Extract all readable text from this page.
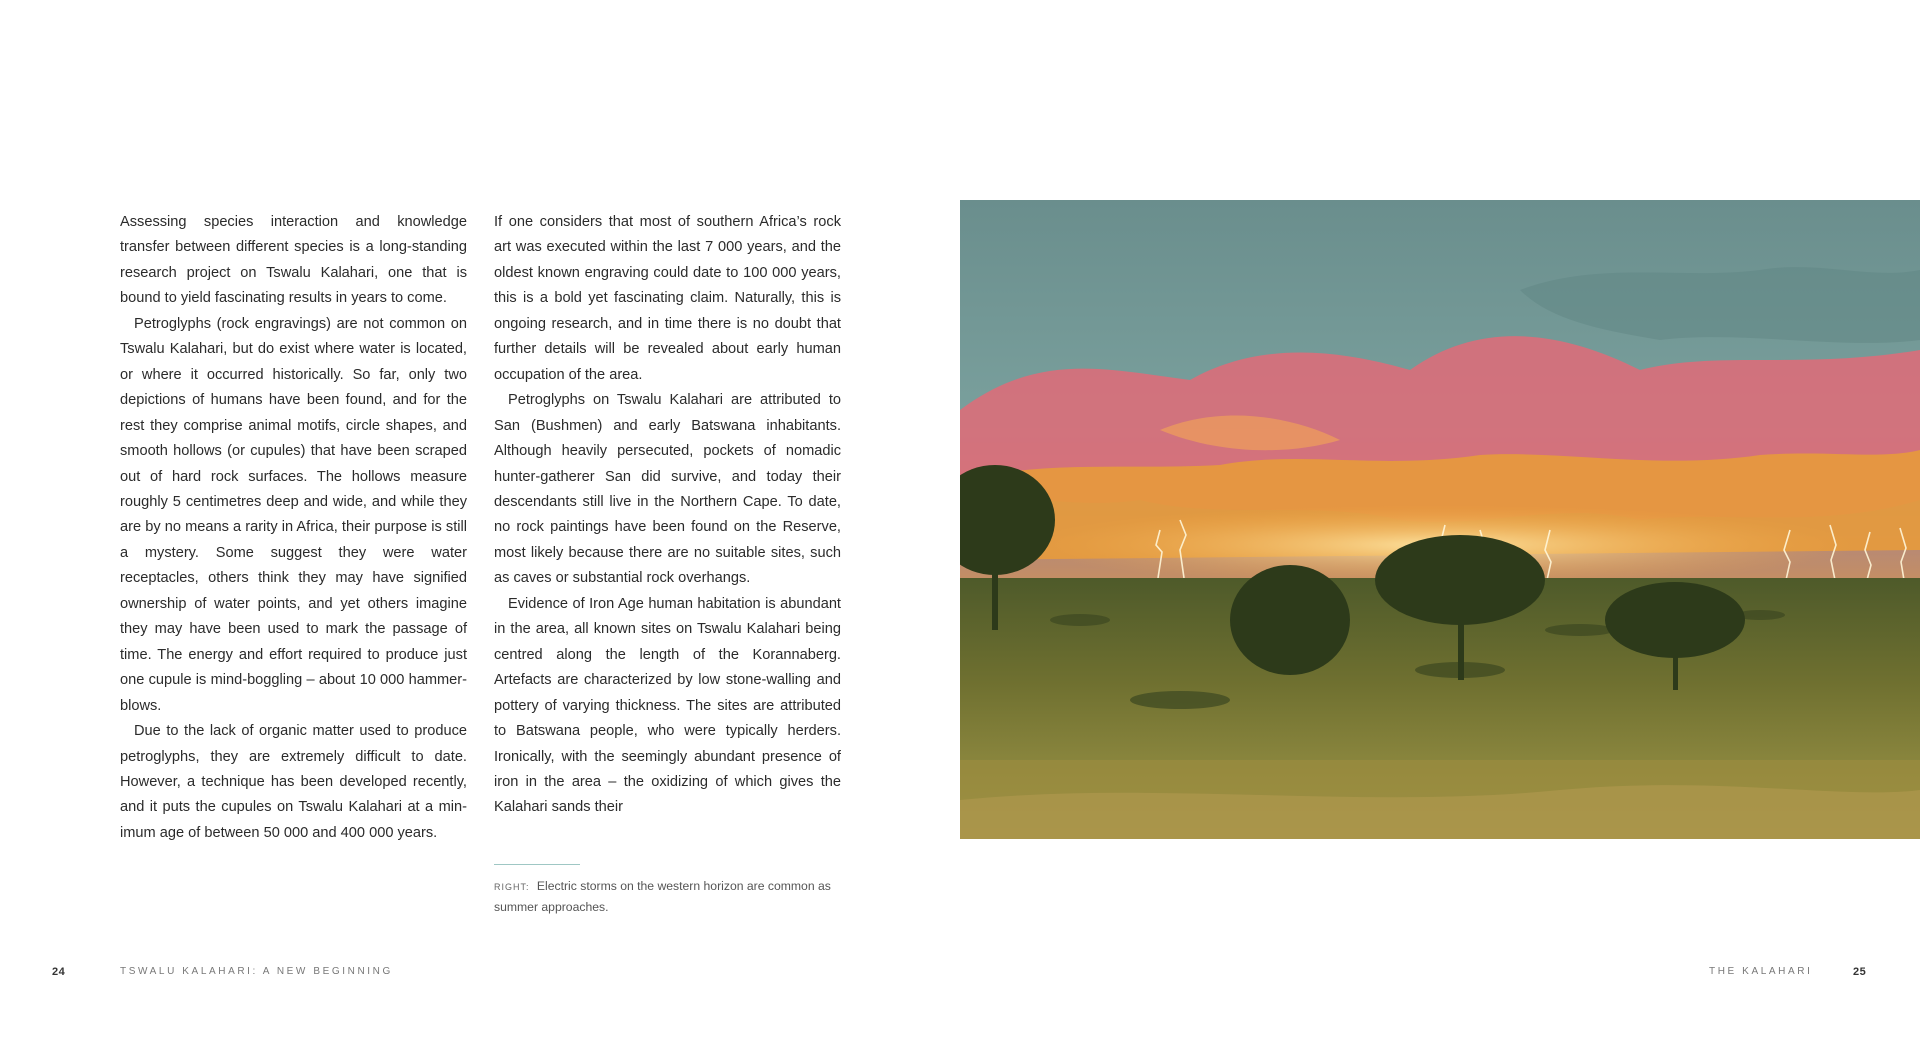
Assessing species interaction and knowledge transfer between different species is a long-standing research project on Tswalu Kalahari, one that is bound to yield fascinating results in years to come.

Petroglyphs (rock engravings) are not common on Tswalu Kalahari, but do exist where water is located, or where it occurred historically. So far, only two depictions of humans have been found, and for the rest they comprise animal motifs, circle shapes, and smooth hollows (or cupules) that have been scraped out of hard rock surfaces. The hollows measure roughly 5 centimetres deep and wide, and while they are by no means a rarity in Africa, their purpose is still a mystery. Some suggest they were water receptacles, others think they may have signified ownership of water points, and yet others imagine they may have been used to mark the passage of time. The energy and effort required to produce just one cupule is mind-boggling – about 10 000 hammer-blows.

Due to the lack of organic matter used to produce petroglyphs, they are extremely difficult to date. However, a technique has been developed recently, and it puts the cupules on Tswalu Kalahari at a minimum age of between 50 000 and 400 000 years.

If one considers that most of southern Africa’s rock art was executed within the last 7 000 years, and the oldest known engraving could date to 100 000 years, this is a bold yet fascinating claim. Naturally, this is ongoing research, and in time there is no doubt that further details will be revealed about early human occupation of the area.

Petroglyphs on Tswalu Kalahari are attributed to San (Bushmen) and early Batswana inhabitants. Although heavily persecuted, pockets of nomadic hunter-gatherer San did survive, and today their descendants still live in the Northern Cape. To date, no rock paintings have been found on the Reserve, most likely because there are no suitable sites, such as caves or substantial rock overhangs.

Evidence of Iron Age human habitation is abundant in the area, all known sites on Tswalu Kalahari being centred along the length of the Korannaberg. Artefacts are characterized by low stone-walling and pottery of varying thickness. The sites are attributed to Batswana people, who were typically herders. Ironically, with the seemingly abundant presence of iron in the area – the oxidizing of which gives the Kalahari sands their

RIGHT: Electric storms on the western horizon are common as summer approaches.
24	TSWALU KALAHARI: A NEW BEGINNING	THE KALAHARI	25
